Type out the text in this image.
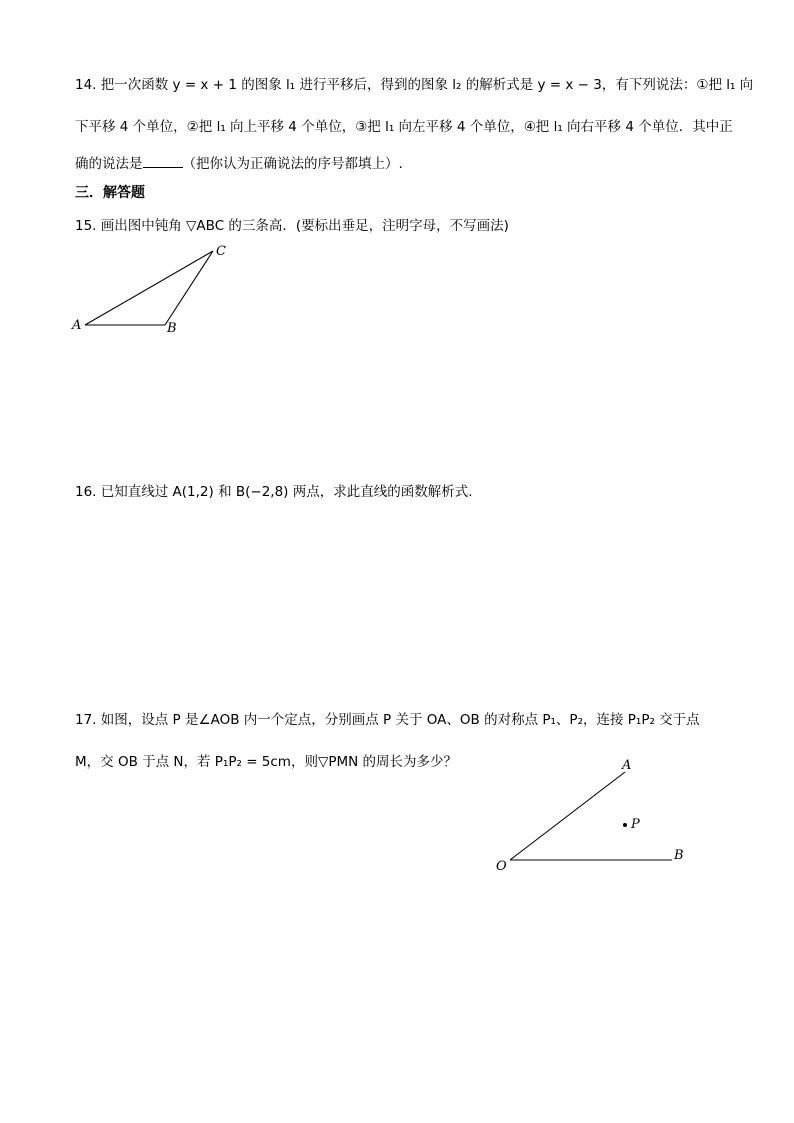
14. 把一次函数 y = x + 1 的图象 l₁ 进行平移后，得到的图象 l₂ 的解析式是 y = x − 3，有下列说法：①把 l₁ 向
下平移 4 个单位，②把 l₁ 向上平移 4 个单位，③把 l₁ 向左平移 4 个单位，④把 l₁ 向右平移 4 个单位．其中正
确的说法是	（把你认为正确说法的序号都填上）.
三．解答题
15. 画出图中钝角 ▽ABC 的三条高．(要标出垂足，注明字母，不写画法)
A	B
C
16. 已知直线过 A(1,2) 和 B(−2,8) 两点，求此直线的函数解析式.
17. 如图，设点 P 是∠AOB 内一个定点，分别画点 P 关于 OA、OB 的对称点 P₁、P₂，连接 P₁P₂ 交于点
M，交 OB 于点 N，若 P₁P₂ = 5cm，则▽PMN 的周长为多少？
O
A
B
P
